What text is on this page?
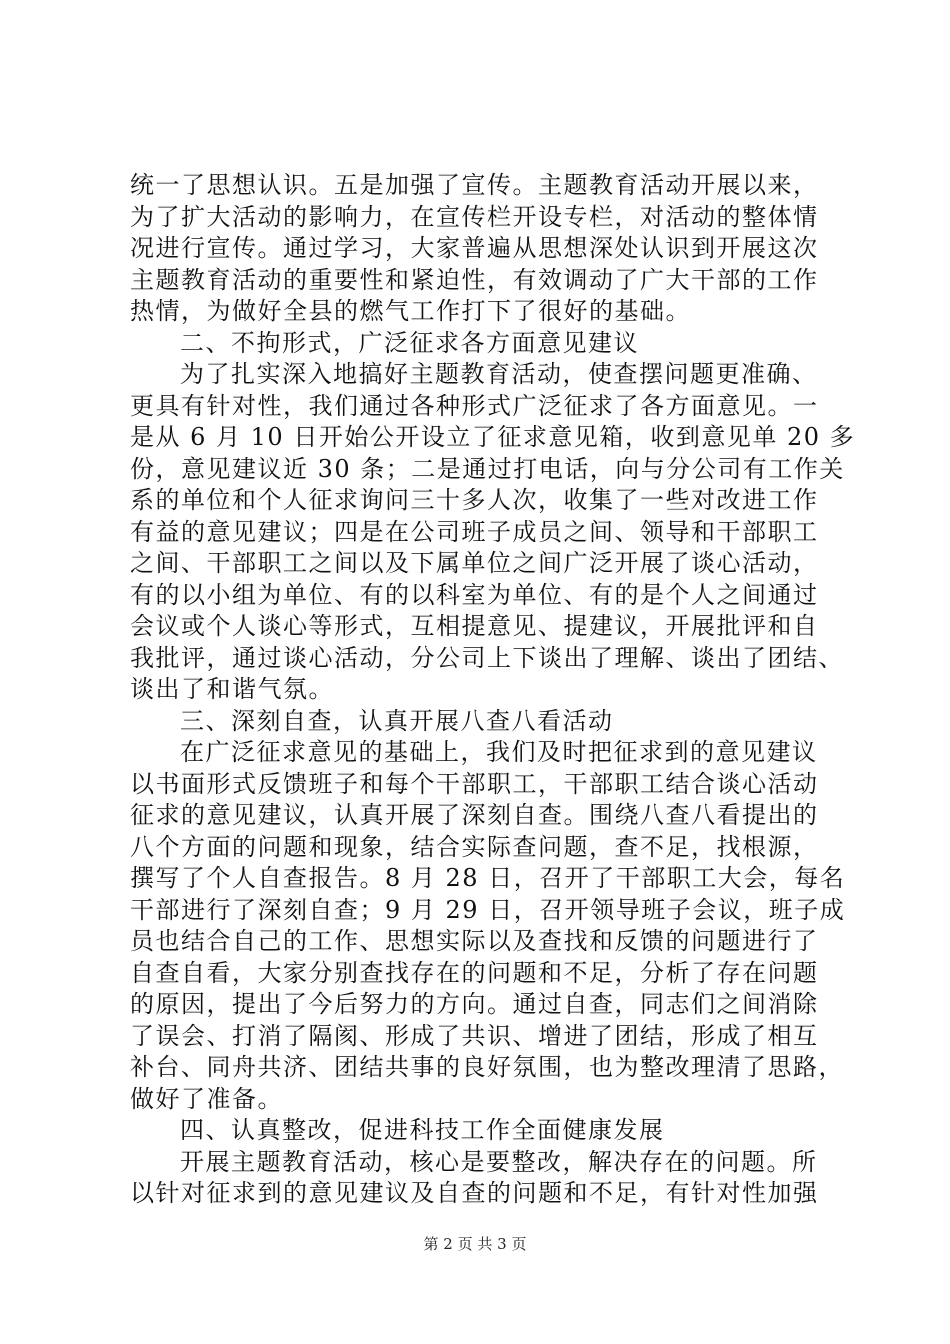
统一了思想认识。五是加强了宣传。主题教育活动开展以来，
为了扩大活动的影响力，在宣传栏开设专栏，对活动的整体情
况进行宣传。通过学习，大家普遍从思想深处认识到开展这次
主题教育活动的重要性和紧迫性，有效调动了广大干部的工作
热情，为做好全县的燃气工作打下了很好的基础。
二、不拘形式，广泛征求各方面意见建议
为了扎实深入地搞好主题教育活动，使查摆问题更准确、
更具有针对性，我们通过各种形式广泛征求了各方面意见。一
是从 6 月 10 日开始公开设立了征求意见箱，收到意见单 20 多
份，意见建议近 30 条；二是通过打电话，向与分公司有工作关
系的单位和个人征求询问三十多人次，收集了一些对改进工作
有益的意见建议；四是在公司班子成员之间、领导和干部职工
之间、干部职工之间以及下属单位之间广泛开展了谈心活动，
有的以小组为单位、有的以科室为单位、有的是个人之间通过
会议或个人谈心等形式，互相提意见、提建议，开展批评和自
我批评，通过谈心活动，分公司上下谈出了理解、谈出了团结、
谈出了和谐气氛。
三、深刻自查，认真开展八查八看活动
在广泛征求意见的基础上，我们及时把征求到的意见建议
以书面形式反馈班子和每个干部职工，干部职工结合谈心活动
征求的意见建议，认真开展了深刻自查。围绕八查八看提出的
八个方面的问题和现象，结合实际查问题，查不足，找根源，
撰写了个人自查报告。8 月 28 日，召开了干部职工大会，每名
干部进行了深刻自查；9 月 29 日，召开领导班子会议，班子成
员也结合自己的工作、思想实际以及查找和反馈的问题进行了
自查自看，大家分别查找存在的问题和不足，分析了存在问题
的原因，提出了今后努力的方向。通过自查，同志们之间消除
了误会、打消了隔阂、形成了共识、增进了团结，形成了相互
补台、同舟共济、团结共事的良好氛围，也为整改理清了思路，
做好了准备。
四、认真整改，促进科技工作全面健康发展
开展主题教育活动，核心是要整改，解决存在的问题。所
以针对征求到的意见建议及自查的问题和不足，有针对性加强
第 2 页 共 3 页
